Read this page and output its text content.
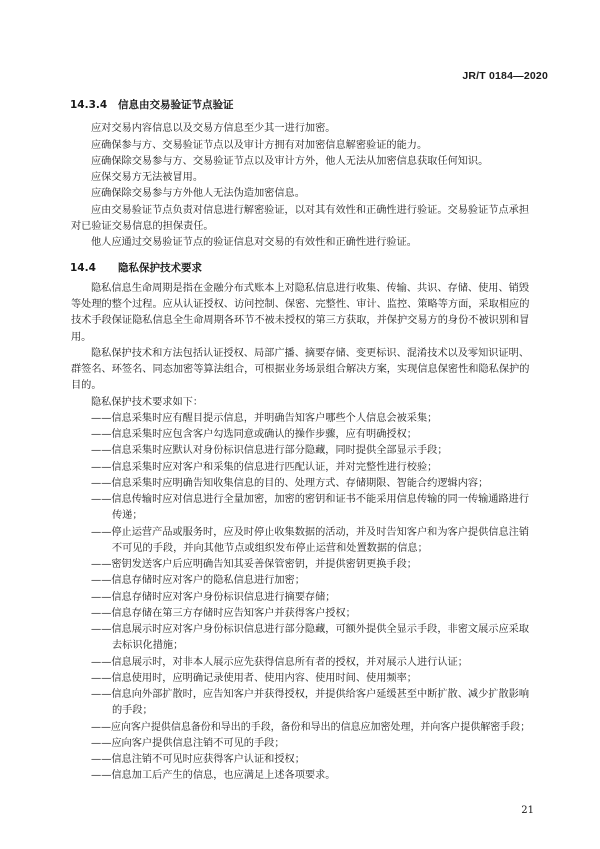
JR/T 0184—2020
14.3.4 信息由交易验证节点验证
应对交易内容信息以及交易方信息至少其一进行加密。
应确保参与方、交易验证节点以及审计方拥有对加密信息解密验证的能力。
应确保除交易参与方、交易验证节点以及审计方外，他人无法从加密信息获取任何知识。
应保交易方无法被冒用。
应确保除交易参与方外他人无法伪造加密信息。
应由交易验证节点负责对信息进行解密验证，以对其有效性和正确性进行验证。交易验证节点承担
对已验证交易信息的担保责任。
他人应通过交易验证节点的验证信息对交易的有效性和正确性进行验证。
14.4 隐私保护技术要求
隐私信息生命周期是指在金融分布式账本上对隐私信息进行收集、传输、共识、存储、使用、销毁
等处理的整个过程。应从认证授权、访问控制、保密、完整性、审计、监控、策略等方面，采取相应的
技术手段保证隐私信息全生命周期各环节不被未授权的第三方获取，并保护交易方的身份不被识别和冒
用。
隐私保护技术和方法包括认证授权、局部广播、摘要存储、变更标识、混淆技术以及零知识证明、
群签名、环签名、同态加密等算法组合，可根据业务场景组合解决方案，实现信息保密性和隐私保护的
目的。
隐私保护技术要求如下：
——信息采集时应有醒目提示信息，并明确告知客户哪些个人信息会被采集；
——信息采集时应包含客户勾选同意或确认的操作步骤，应有明确授权；
——信息采集时应默认对身份标识信息进行部分隐藏，同时提供全部显示手段；
——信息采集时应对客户和采集的信息进行匹配认证，并对完整性进行校验；
——信息采集时应明确告知收集信息的目的、处理方式、存储期限、智能合约逻辑内容；
——信息传输时应对信息进行全量加密，加密的密钥和证书不能采用信息传输的同一传输通路进行
传递；
——停止运营产品或服务时，应及时停止收集数据的活动，并及时告知客户和为客户提供信息注销
不可见的手段，并向其他节点或组织发布停止运营和处置数据的信息；
——密钥发送客户后应明确告知其妥善保管密钥，并提供密钥更换手段；
——信息存储时应对客户的隐私信息进行加密；
——信息存储时应对客户身份标识信息进行摘要存储；
——信息存储在第三方存储时应告知客户并获得客户授权；
——信息展示时应对客户身份标识信息进行部分隐藏，可额外提供全显示手段，非密文展示应采取
去标识化措施；
——信息展示时，对非本人展示应先获得信息所有者的授权，并对展示人进行认证；
——信息使用时，应明确记录使用者、使用内容、使用时间、使用频率；
——信息向外部扩散时，应告知客户并获得授权，并提供给客户延缓甚至中断扩散、减少扩散影响
的手段；
——应向客户提供信息备份和导出的手段，备份和导出的信息应加密处理，并向客户提供解密手段；
——应向客户提供信息注销不可见的手段；
——信息注销不可见时应获得客户认证和授权；
——信息加工后产生的信息，也应满足上述各项要求。
21
